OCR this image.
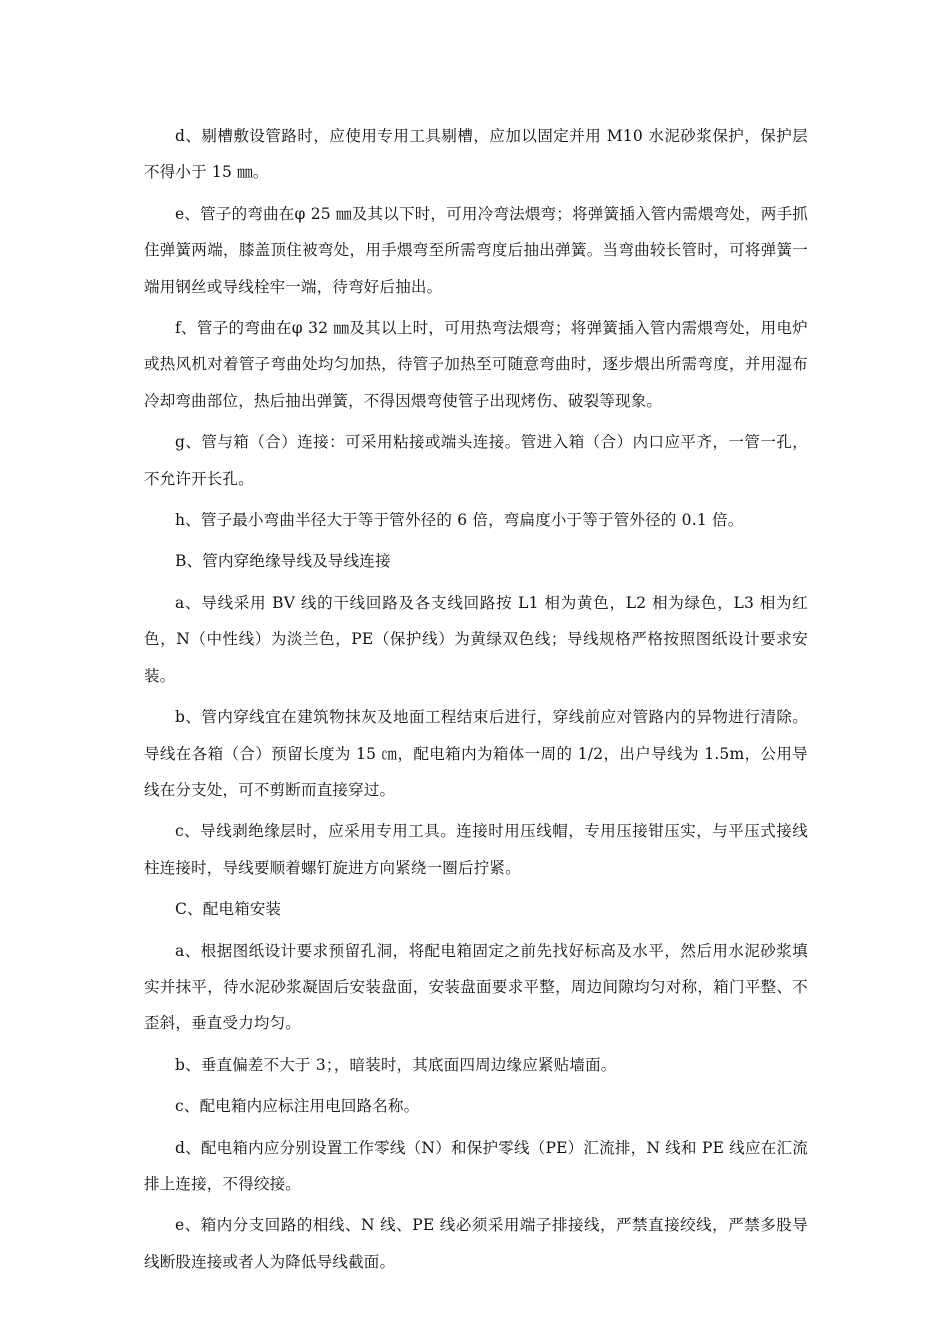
d、剔槽敷设管路时，应使用专用工具剔槽，应加以固定并用 M10 水泥砂浆保护，保护层不得小于 15 ㎜。

e、管子的弯曲在φ 25 ㎜及其以下时，可用冷弯法煨弯；将弹簧插入管内需煨弯处，两手抓住弹簧两端，膝盖顶住被弯处，用手煨弯至所需弯度后抽出弹簧。当弯曲较长管时，可将弹簧一端用钢丝或导线栓牢一端，待弯好后抽出。

f、管子的弯曲在φ 32 ㎜及其以上时，可用热弯法煨弯；将弹簧插入管内需煨弯处，用电炉或热风机对着管子弯曲处均匀加热，待管子加热至可随意弯曲时，逐步煨出所需弯度，并用湿布冷却弯曲部位，热后抽出弹簧，不得因煨弯使管子出现烤伤、破裂等现象。

g、管与箱（合）连接：可采用粘接或端头连接。管进入箱（合）内口应平齐，一管一孔，不允许开长孔。

h、管子最小弯曲半径大于等于管外径的 6 倍，弯扁度小于等于管外径的 0.1 倍。

B、管内穿绝缘导线及导线连接

a、导线采用 BV 线的干线回路及各支线回路按 L1 相为黄色，L2 相为绿色，L3 相为红色，N（中性线）为淡兰色，PE（保护线）为黄绿双色线；导线规格严格按照图纸设计要求安装。

b、管内穿线宜在建筑物抹灰及地面工程结束后进行，穿线前应对管路内的异物进行清除。导线在各箱（合）预留长度为 15 ㎝，配电箱内为箱体一周的 1/2，出户导线为 1.5m，公用导线在分支处，可不剪断而直接穿过。

c、导线剥绝缘层时，应采用专用工具。连接时用压线帽，专用压接钳压实，与平压式接线柱连接时，导线要顺着螺钉旋进方向紧绕一圈后拧紧。

C、配电箱安装

a、根据图纸设计要求预留孔洞，将配电箱固定之前先找好标高及水平，然后用水泥砂浆填实并抹平，待水泥砂浆凝固后安装盘面，安装盘面要求平整，周边间隙均匀对称，箱门平整、不歪斜，垂直受力均匀。

b、垂直偏差不大于 3；，暗装时，其底面四周边缘应紧贴墙面。

c、配电箱内应标注用电回路名称。

d、配电箱内应分别设置工作零线（N）和保护零线（PE）汇流排，N 线和 PE 线应在汇流排上连接，不得绞接。

e、箱内分支回路的相线、N 线、PE 线必须采用端子排接线，严禁直接绞线，严禁多股导线断股连接或者人为降低导线截面。
